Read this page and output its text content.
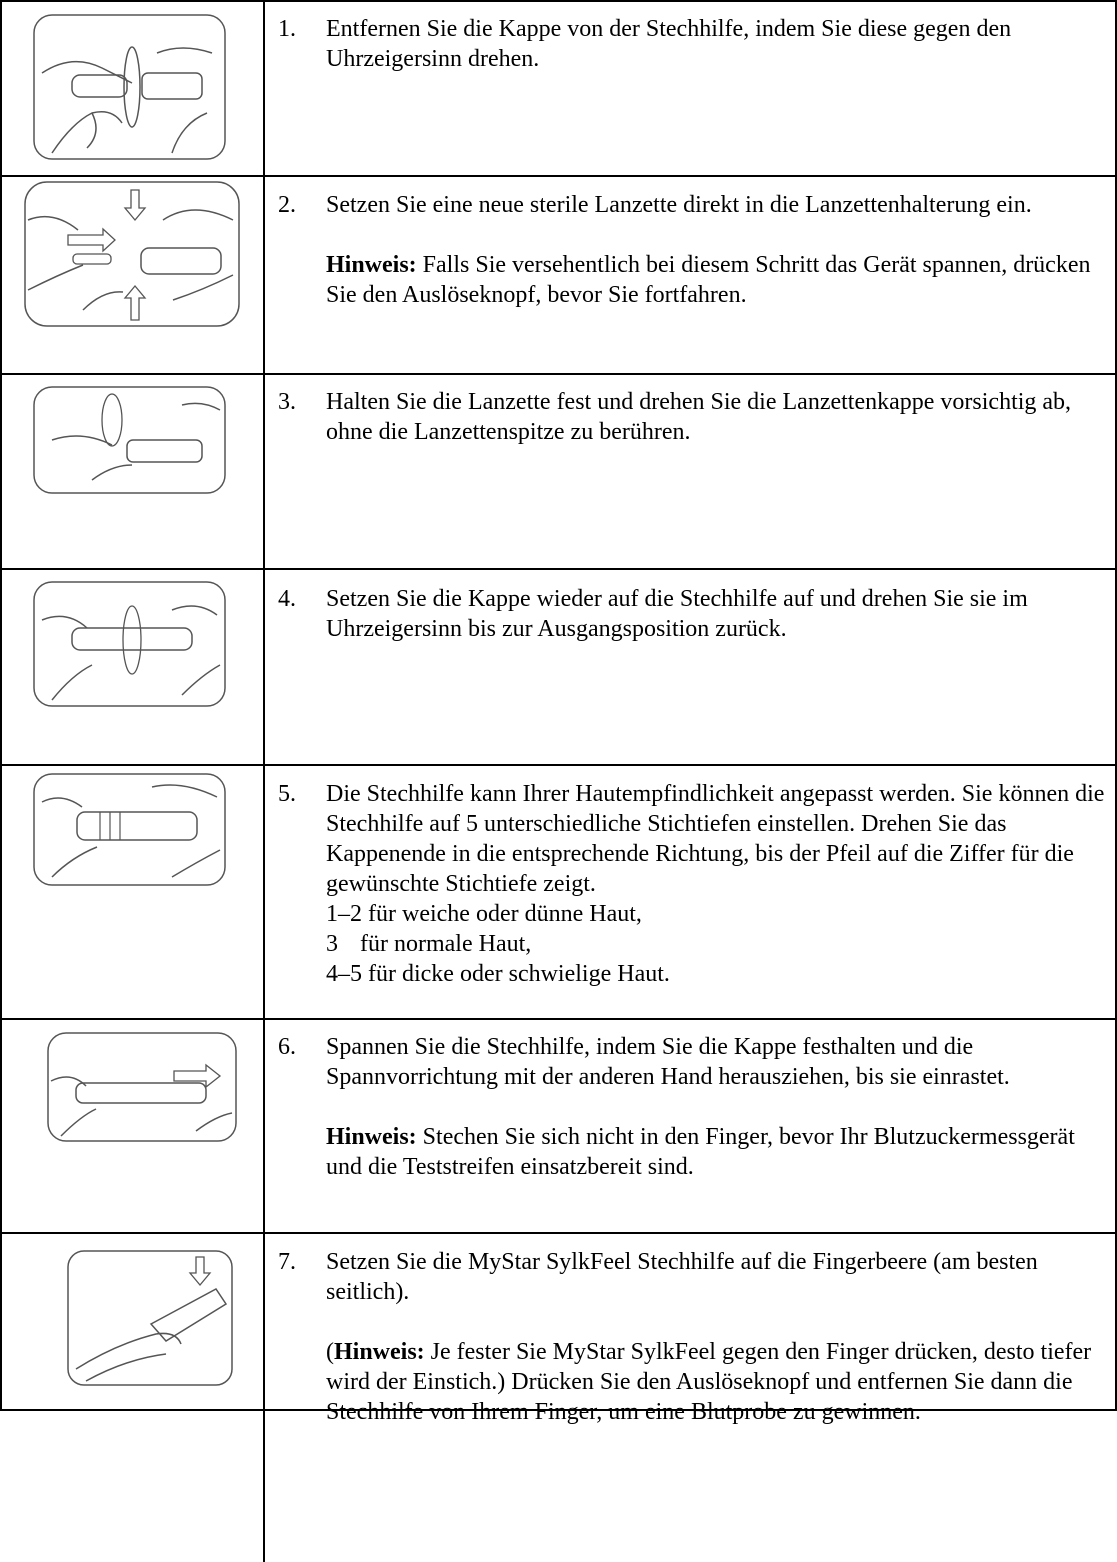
1.	Entfernen Sie die Kappe von der Stechhilfe, indem Sie diese gegen den Uhrzeigersinn drehen.

2.	Setzen Sie eine neue sterile Lanzette direkt in die Lanzettenhalterung ein.

Hinweis: Falls Sie versehentlich bei diesem Schritt das Gerät spannen, drücken Sie den Auslöseknopf, bevor Sie fortfahren.

3.	Halten Sie die Lanzette fest und drehen Sie die Lanzettenkappe vorsichtig ab, ohne die Lanzettenspitze zu berühren.

4.	Setzen Sie die Kappe wieder auf die Stechhilfe auf und drehen Sie sie im Uhrzeigersinn bis zur Ausgangsposition zurück.

5.	Die Stechhilfe kann Ihrer Hautempfindlichkeit angepasst werden. Sie können die Stechhilfe auf 5 unterschiedliche Stichtiefen einstellen. Drehen Sie das Kappenende in die entsprechende Richtung, bis der Pfeil auf die Ziffer für die gewünschte Stichtiefe zeigt.

1–2 für weiche oder dünne Haut,
3 für normale Haut,
4–5 für dicke oder schwielige Haut.
6.	Spannen Sie die Stechhilfe, indem Sie die Kappe festhalten und die Spannvorrichtung mit der anderen Hand herausziehen, bis sie einrastet.

Hinweis: Stechen Sie sich nicht in den Finger, bevor Ihr Blutzuckermessgerät und die Teststreifen einsatzbereit sind.

7.	Setzen Sie die MyStar SylkFeel Stechhilfe auf die Fingerbeere (am besten seitlich).

(Hinweis: Je fester Sie MyStar SylkFeel gegen den Finger drücken, desto tiefer wird der Einstich.) Drücken Sie den Auslöseknopf und entfernen Sie dann die Stechhilfe von Ihrem Finger, um eine Blutprobe zu gewinnen.
